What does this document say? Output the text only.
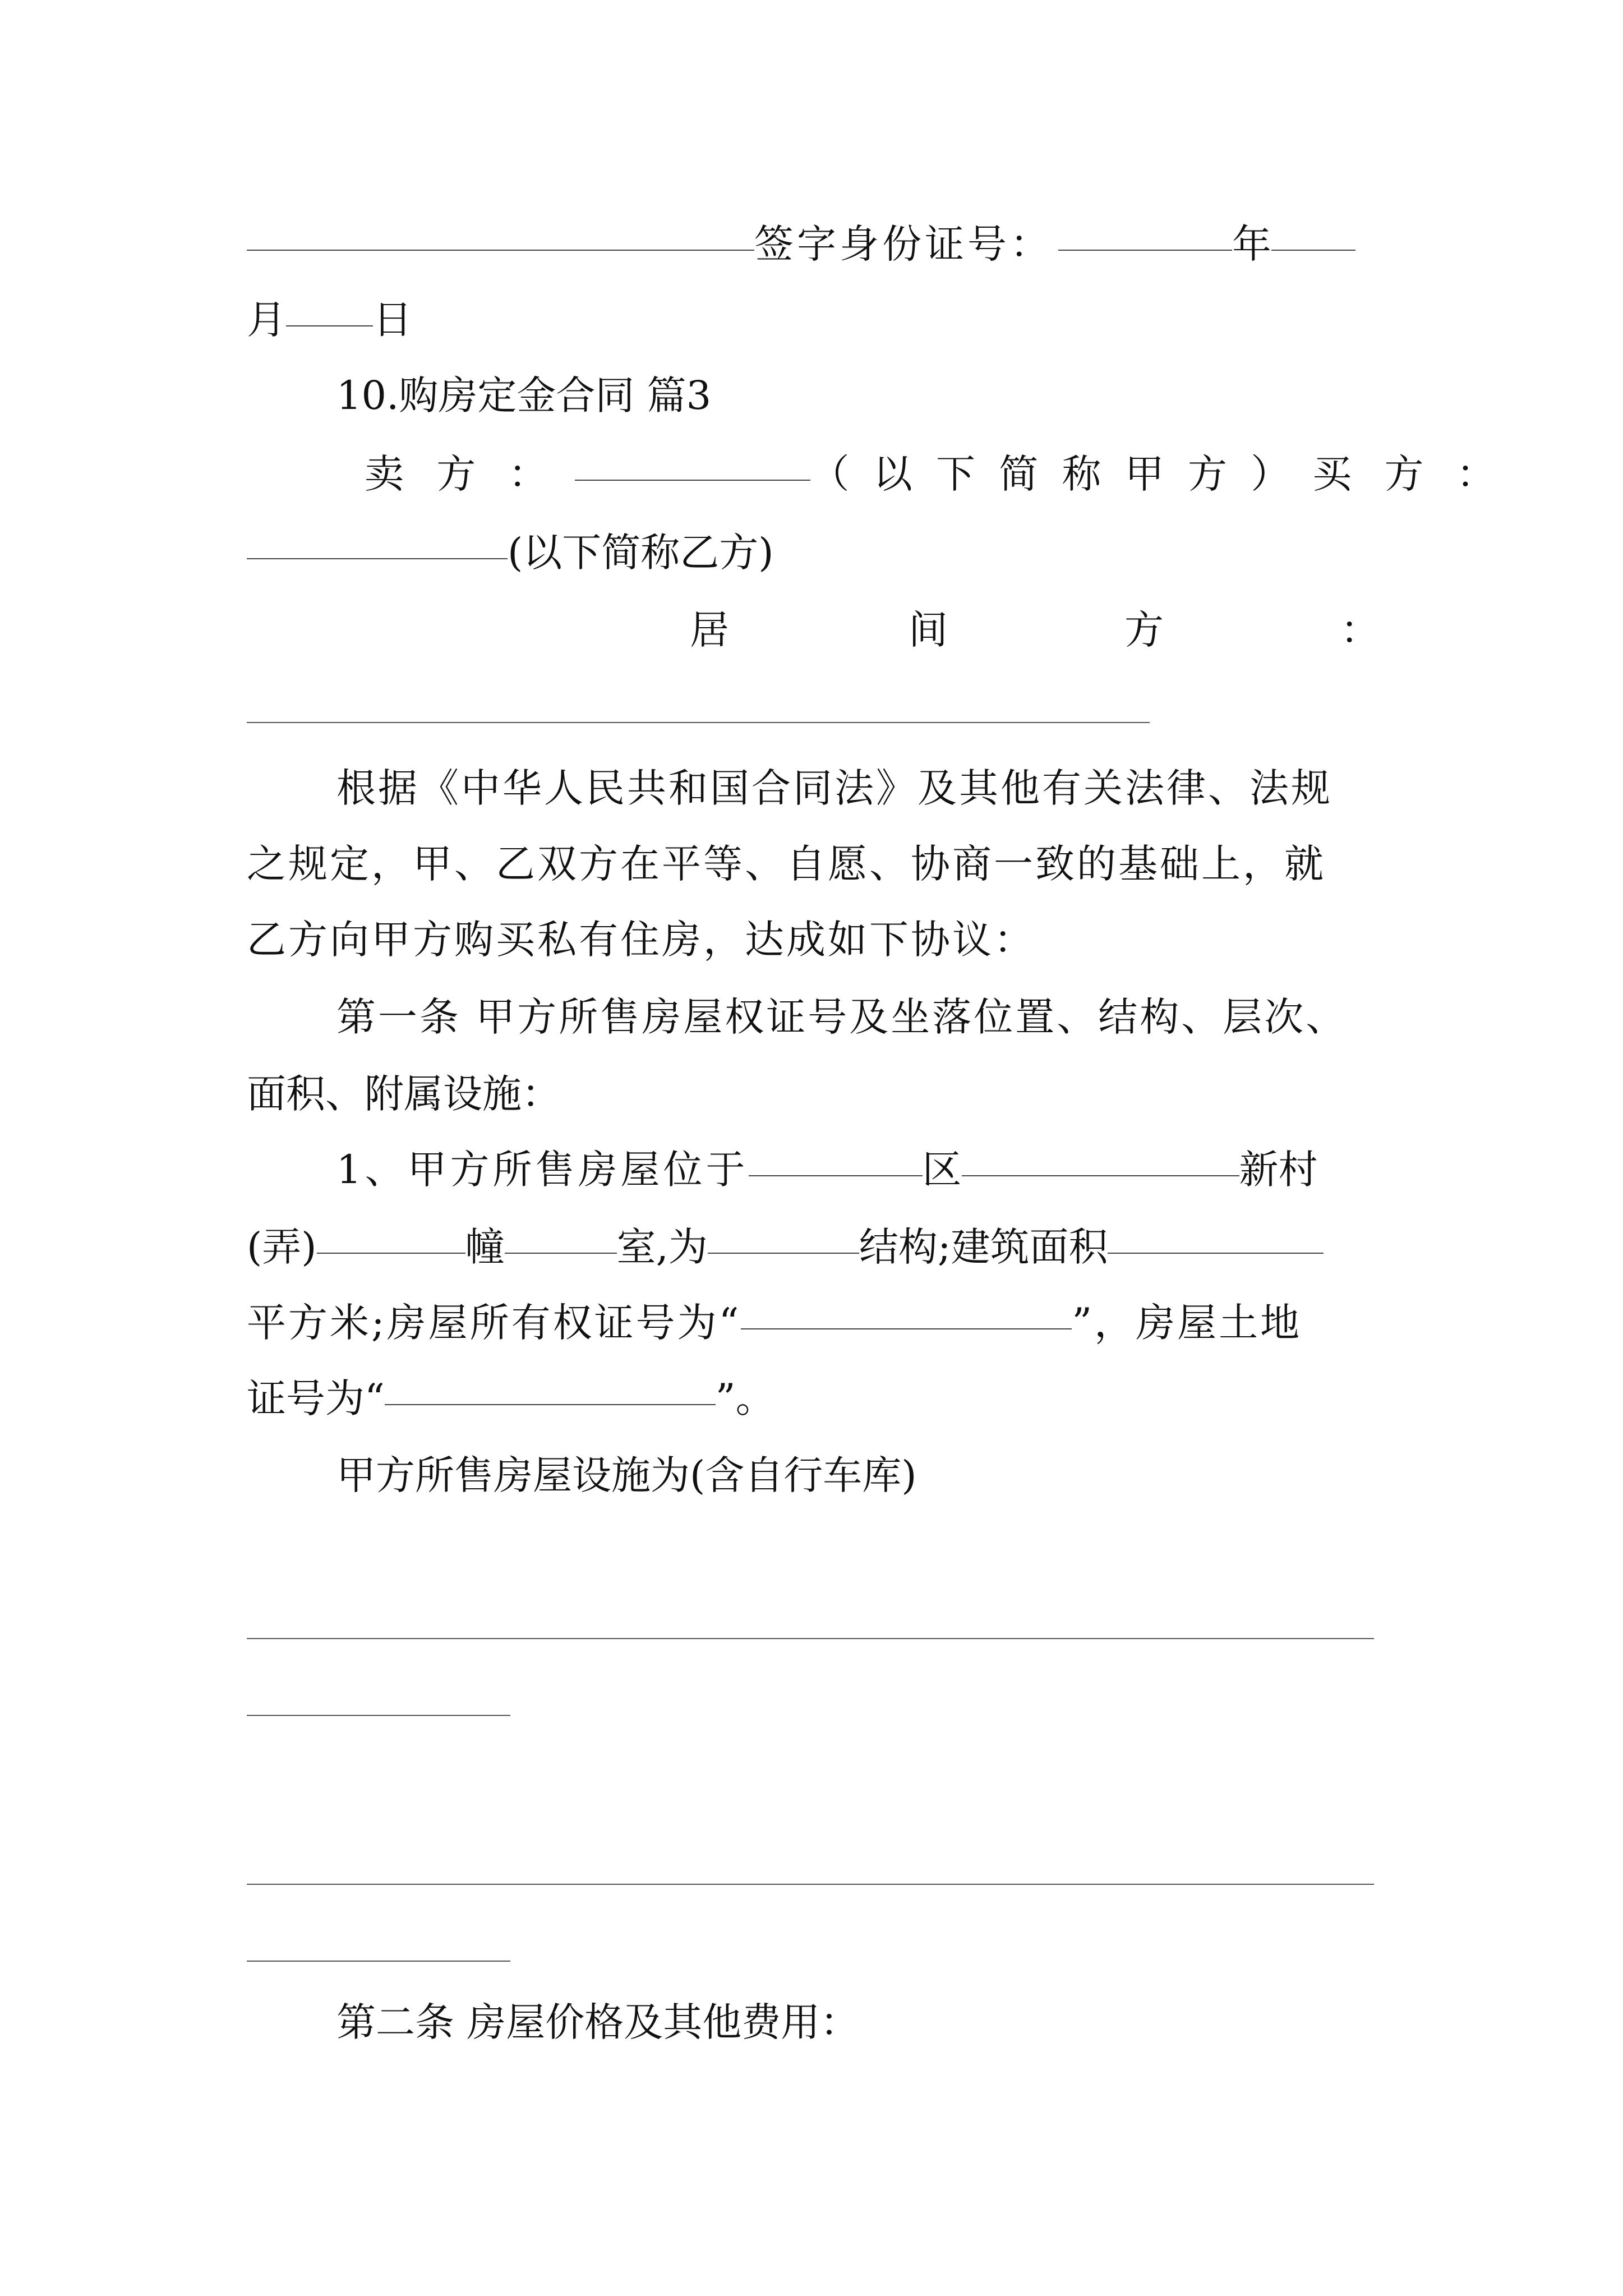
签字身份证号：	年
月 日
10.购房定金合同 篇3
卖 方 ：	（ 以 下 简 称 甲 方 ） 买 方 ：
(以下简称乙方)
居	间	方	：
根据《中华人民共和国合同法》及其他有关法律、法规
之规定，甲、乙双方在平等、自愿、协商一致的基础上，就
乙方向甲方购买私有住房，达成如下协议：
第一条 甲方所售房屋权证号及坐落位置、结构、层次、
面积、附属设施：
1、甲方所售房屋位于	区	新村
(弄)	幢	室,为	结构;建筑面积
平方米;房屋所有权证号为“	”，房屋土地
证号为“	”。
甲方所售房屋设施为(含自行车库)
第二条 房屋价格及其他费用：
